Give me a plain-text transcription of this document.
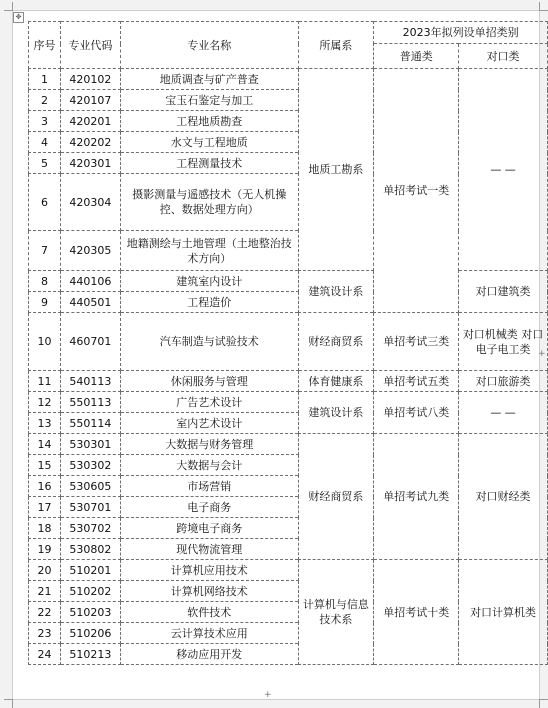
✥
+
+
序号	专业代码	专业名称	所属系	2023年拟列设单招类别	
				普通类	对口类
1	420102	地质调查与矿产普查	地质工勘系	单招考试一类	— —
2	420107	宝玉石鉴定与加工			
3	420201	工程地质勘查			
4	420202	水文与工程地质			
5	420301	工程测量技术			
6	420304	摄影测量与遥感技术（无人机操控、数据处理方向）			
7	420305	地籍测绘与土地管理（土地整治技术方向）			
8	440106	建筑室内设计	建筑设计系		对口建筑类
9	440501	工程造价			
10	460701	汽车制造与试验技术	财经商贸系	单招考试三类	对口机械类 对口电子电工类
11	540113	休闲服务与管理	体育健康系	单招考试五类	对口旅游类
12	550113	广告艺术设计	建筑设计系	单招考试八类	— —
13	550114	室内艺术设计			
14	530301	大数据与财务管理	财经商贸系	单招考试九类	对口财经类
15	530302	大数据与会计			
16	530605	市场营销			
17	530701	电子商务			
18	530702	跨境电子商务			
19	530802	现代物流管理			
20	510201	计算机应用技术	计算机与信息技术系	单招考试十类	对口计算机类
21	510202	计算机网络技术			
22	510203	软件技术			
23	510206	云计算技术应用			
24	510213	移动应用开发			
